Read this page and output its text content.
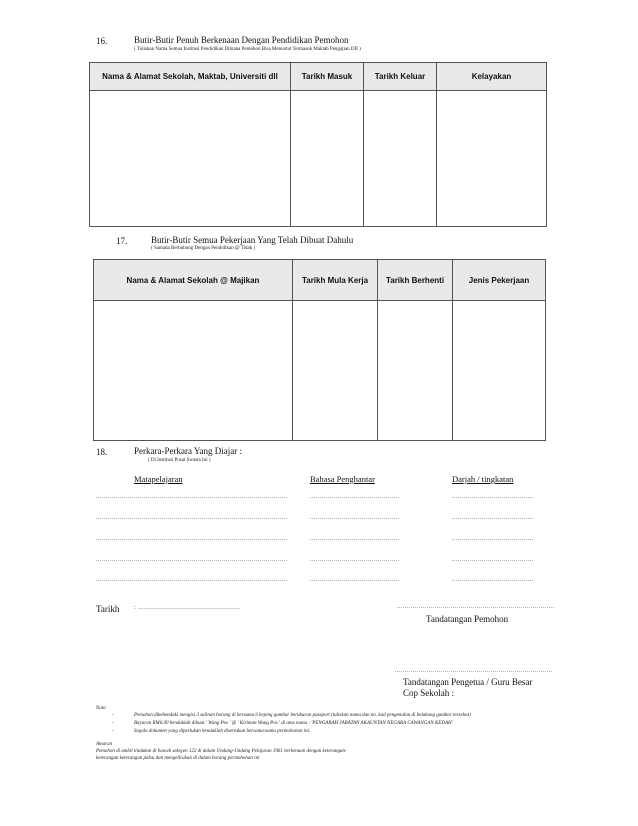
16.	Butir-Butir Penuh Berkenaan Dengan Pendidikan Pemohon
( Tuliskan Nama Semua Institusi Pendidikan Dimana Pemohon Bisa Menuntut Termasuk Maktab Pengajian DII )
Nama & Alamat Sekolah, Maktab, Universiti dll	Tarikh Masuk	Tarikh Keluar	Kelayakan

17.	Butir-Butir Semua Pekerjaan Yang Telah Dibuat Dahulu
( Samada Berhubung Dengan Pendidikan @ Tidak )
Nama & Alamat Sekolah @ Majikan	Tarikh Mula Kerja	Tarikh Berhenti	Jenis Pekerjaan

18.	Perkara-Perkara Yang Diajar :
( Di Institusi Pusat Swasta Ini )
Matapelajaran	Bahasa Penghantar	Darjah / tingkatan
................................................................................................	.............................................	.........................................
................................................................................................	.............................................	.........................................
................................................................................................	.............................................	.........................................
................................................................................................	.............................................	.........................................
................................................................................................	.............................................	.........................................
Tarikh : ...................................................	...............................................................................
Tandatangan Pemohon
...............................................................................
Tandatangan Pengetua / Guru Besar
Cop Sekolah :
Nota
-	Pemohon dikehendaki mengisi 3 salinan borang di bersama 6 keping gambar berukuran passport (tuliskan nama dan no. kad pengenalan di belakang gambar tersebut)
-	Bayaran RM6.00 hendaklah dibuat ' Wang Pos ' @ ' Kiriman Wang Pos ' di atas nama : 'PENGARAH JABATAN AKAUNTAN NEGARA CAWANGAN KEDAH'
-	Segala dokumen yang diperlukan hendaklah disertakan bersama-sama permohonan ini.
Amaran
Pemohon di ambil tindakan di bawah seksyen 122 di dalam Undang-Undang Pelajaran 1961 berkenaan dengan keterangan-
keterangan keterangan palsu dan mengelirukan di dalam borang permohonan ini
